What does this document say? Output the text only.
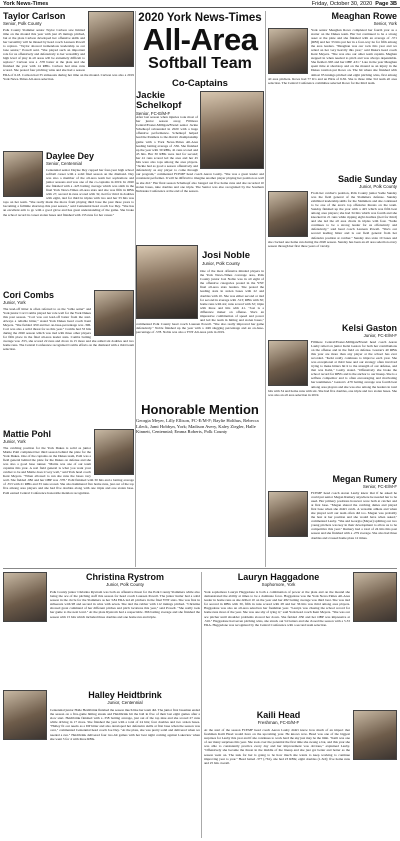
York News-Times	Friday, October 30, 2020 Page 3B
Taylor Carlson
Senior, Polk County
Polk County Slammer senior Taylor Carlson saw limited time on the mound this year with just 45 innings pitched, but at the plate Carlson developed her offensive skills and her versatility will be missed by head coach Laureen Powell to replace. "Taylor showed tremendous leadership as our lone senior," Powell said. "She played such an important role for us offensively and defensively to her versatility and high level of play in all areas will be extremely difficult to replace." Carlson was a .378 batter at the plate and she finished the year with 14 RBIs. Carlson had nine runs scored. She posted four pitching wins and she had a season ERA of 6.18. Carlson had 35 strikeouts during her time on the mound. Carlson was also a 2019 York News-Times All-Area selection.
Daylee Dey
Senior, Centennial
Centennial senior Daylee Dey capped her four-year high school softball career with a solid final season on the diamond. Dey was also a member of the all-area team her sophomore and junior seasons and was one of the co-captains in 2019. In 2020 she finished with a .423 batting average which was sixth in the final York News-Times all-area stats and she was fifth in RBIs with 27, second in runs scored with 32, tied for third in doubles with eight, tied for third in triples with two and her 33 hits was tops on her team. "She really made the move from playing third base the past three years to becoming a fulltime shortstop this past season," said Centennial head coach Joe Dey. "She has an excellent arm to go with a good glove and has great understanding of the game. She broke the school record in career stolen bases and finished with 133 runs for her career."
Cori Combs
Junior, York
The lead-off hitter is often referred to as the "table setter" and York junior Cori Combs played her role well for the York Dukes this past season. "Cori was our lead-off batter from the start. Always a reliable hitter," stated York Dukes head coach Kent Meyers. "She fielded .950 and her on-base-percentage was .396. Cori was also a solid threat for us this year." Combs had 33 hits during the 2020 season which was tied with three other players for fifth place in the final all-area leader stats. Combs batting average was .355, she scored 22 runs and drove in 15 more and she added six doubles and two home runs. The Central Conference recognized Combs efforts on the diamond with a third team selection.
Mattie Pohl
Junior, York
The catching position for the York Dukes is solid as junior Mattie Pohl completed her third season behind the plate for the York Dukes. One of the captains on the Dukes team, Pohl was a field general behind the plate for the Dukes on defense and she was also a good base runner. "Mattie was one of our team captains this year. A real field general is what you want your catcher to be and Mattie does it very well," said York head coach Kent Meyers. "When allowed to run she runs the bases very well. She fielded .982 and her OBP was .378." Pohl finished with 30 hits and a batting average of .353 with 21 RBIs and 33 runs scored. She also hammered five home runs, just out of the top five among area players and she had five doubles along with one triple and one stolen base. Pohl earned Central Conference honorable mention recognition.
2020 York News-Times
All-Area
Softball Team
Co-Captains
Jackie Schelkopf
Senior, FC-E/M-F
After last season when injuries took most of her junior season away, Fillmore Central/Exeter-Milligan/Friend senior Jackie Schelkopf rebounded in 2020 with a huge offensive performance. Schelkopf helped lead the Panthers to the district championship game with a York News-Times All-Area leading batting average of .536. She finished up the year with 30 RBIs, 41 runs scored and 45 hits. Her 30 RBIs were tied for second; her 41 runs scored led the area and her 45 hits were also tops among the area players. "Jackie had as good a season offensively and defensively as any player to come through our program," commented FCEMF head coach Aaron Lauby. "She was a great leader and consistent performer. It will be difficult to imagine another player playing her position as well as she did." Her final season Schelkopf also banged out five home runs and she recorded 10 stolen bases, nine doubles and one triple. The Senior was also recognized by the Southern Nebraska Conference at the end of the season.
Josi Noble
Junior, Polk County
One of the most offensive minded players in the York News-Times coverage area, Polk County junior Josi Noble was in all eight of the offensive categories posted in the YNT final all-area stats leaders. She posted the leading stats in stolen bases with 22 and doubles with 10. She was either second or tied for second in average with .513; RBIs with 30; home runs with six; runs scored with 32; triple with three and hits with 41. "Josi is a difference maker on offense. She's an impressive combination of speed and power and led the team in hitting and stolen bases," commented Polk County head coach Laureen Powell. "She also really improved her game defensively." Noble finished up the year with a .949 slugging percentage and an on-base-percentage of .578. Noble was also a YNT All-Area pick in 2019.
Honorable Mention
Georgia Meyer, Lilly Ellison, FC-E/M-F; Baylie Holthus, Rebecca Lileck, Jami Hobbyn, York; Madison Avery, Kaley Ziegler, Halle Kinnett, Centennial; Emma Roberts, Polk County
Meaghan Rowe
Senior, York
York senior Meaghan Rowe completed her fourth year as a starter on the Dukes team. Her bat continued to be a strong asset at the plate and she finished with an average of .371 (RBI) and her 33 hits put her in a four-way tie for fifth among the area leaders. "Meaghan was our rock this year and we relied on her very heavily this year," said Duke's head coach Kent Meyers. "She was also our other team captain. Meghan stepped in when needed to pitch and was always dependable. She fielded .965 and her OBP .431." Late in the year Meaghan spent time at shortstop and on the mound as an injury in the Dukes rotation put Rowe on. The hit where she finished with almost 95 innings pitched and eight pitching wins, first among all area pitchers. Rowe had 77 K's and an ERA of 6.36. She is three time 3rd team all area selection. The Central Conference committee selected Rowe for the third team.
Sadie Sunday
Junior, Polk County
From her catcher's position, Polk County junior Sadie Sunday was the field general of the Slammers defense. Sunday exhibited leadership skills for the Slammers and she continued to be one of the area's top offensive threats on the team. Sunday finished up the year with a 425 which was fifth best among area players; she had 34 hits which was fourth and she knocked in 21 runs while ripping eight doubles (tied for third) and she led the all area charts in triples with four. "Sadie continues to be a strong leader for us offensively and defensively," said head coach Laureen Powell. "She's our second leading hitter and is our field general from her defensive position at catcher." Sunday also stole 10 bases and she clocked one home run during the 2020 season. Sunday has been an all area selection every season through her first three years of varsity.
Kelsi Gaston
Junior, FC-E/M-F
Fillmore Central/Exeter-Milligan/Friend head coach Aaron Lauby relied on junior Kelsi Gaston for both her contributions on the offense and in the field on defense. Gaston's 40 RBIs this year are more than any player at the school has ever recorded. "Kelsi really continues to improve each year. She was exceptional at third base and our strategy often involved trying to make hitters hit it to the strength of our defense, and that was Kelsi," Lauby stated. "Offensively she broke the school record for RBI's and is the anchor to our lineup. She is a selfless competitor and is often encouraging and motivating her teammates." Gaston's .479 batting average was fourth best among area players and she was also among the leaders in total hits with 34 and home runs with six. She had five doubles, one triple and two stolen bases. She was also an all area selection in 2019.
Megan Rumery
Senior, FC-E/M-F
FCEMF head coach Aaron Lauby knew that if he asked he could put senior Megan Rumery anywhere he needed her to be used. Her primary positions however were both at catcher and at first base. "Megan shared the catching duties and played first base when she didn't catch. A versatile athlete and when she played well our team often did too. Megan was probably the best at her position and she would have when asked," commented Lauby. "She and Georgia (Meyer) splitting our two young pitchers was key in their development to allow us to be competitive this year." Rumery had a total of 24 hits this past season and she finished with a .279 average. She also had three doubles and crossed home plate 12 times.
Christina Rystrom
Junior, Polk County
Polk County junior Christina Rystrom was both an offensive threat for the Polk County Slammers while also being the ace of the pitching staff this season for head coach Laureen Powell. The junior hurler had a solid season in the circle for the Slammers as her 3.84 ERA led all pitchers in the final YNT stats. She was first in strikeouts with 98 and second in wins with seven. She tied the rubber with 112 innings pitched. "Christina showed great command of her different pitches and pitch locations this year," said Powell. "She really took her game to the next level." At the plate Rystrom had a respectable .366 batting average and she finished the season with 15 hits which included three doubles and one home run and triple.
Halley Heidtbrink
Junior, Centennial
Centennial junior Halle Heidtbrink finished the season much like her team did. The junior first baseman ended the season on a five-game hitting streak and Heidtbrink hit the ball in five of their last eight games after a slow start. Heidtbrink finished with a .358 batting average, just out of the top nine and she scored 27 runs while driving in 17 more. She finished the year with a total of 24 hits; four doubles and two stolen bases. "Halley fit our needs as a DP hitter and also developed her defensive skills at first base when the season was over," commented Centennial head coach Joe Dey. "At the plate, she was pretty solid and delivered when we needed a run." Heidtbrink delivered four two-hit games with her best night coming against Lakeview when she went 3 for 4 with three RBIs.
Lauryn Haggadone
Sophomore, York
York sophomore Lauryn Haggadone is both a combination of power at the plate and on the mound she demonstrated the ability at times to be a dominate force. Haggadone was the York News-Times All-Area leader in home runs as she drilled 10 on the year and her 482 batting average was third best. She was tied for second in RBIs with 30, fifth in runs scored with 28 and her 36 hits was third among area players. Haggadone was also an all-area selection her freshman year. "Lauryn was chasing the school record for home runs most of the year. She was one shy of tying it," said York head coach Kent Meyers. "She was our ace pitcher until shoulder problems slowed her down. She fielded .950 and her OBP was impressive at .516." Haggadone had seven pitching wins, she struck out 54 batters and she closed the season with a 5.33 ERA. Haggadone was recognized by the Central Conference with a second team selection.
Kaili Head
Freshman, FC-E/M-F
At the start of the season FCEMF head coach Aaron Lauby didn't know how much of an impact that freshman Kaili Head would have on the upcoming year. He knows now. Head was one of the biggest surprises for Lauby this year and if she continues to work hard the sky just may be the limit. "Kaili was one of our many surprises this year. She took over the potential the first time she swung a bat, and this year she was able to consistently practice every day and her improvement was obvious," explained Lauby. "Offensively she became the threat in the middle of the lineup and she just got better and better as the season went on. The task for her is going to be how much she wants to keep working to continue improving year to year." Head batted .377 (.761), she had 23 RBIs; eight doubles (1-3rd); five home runs and 25 hits overall.
